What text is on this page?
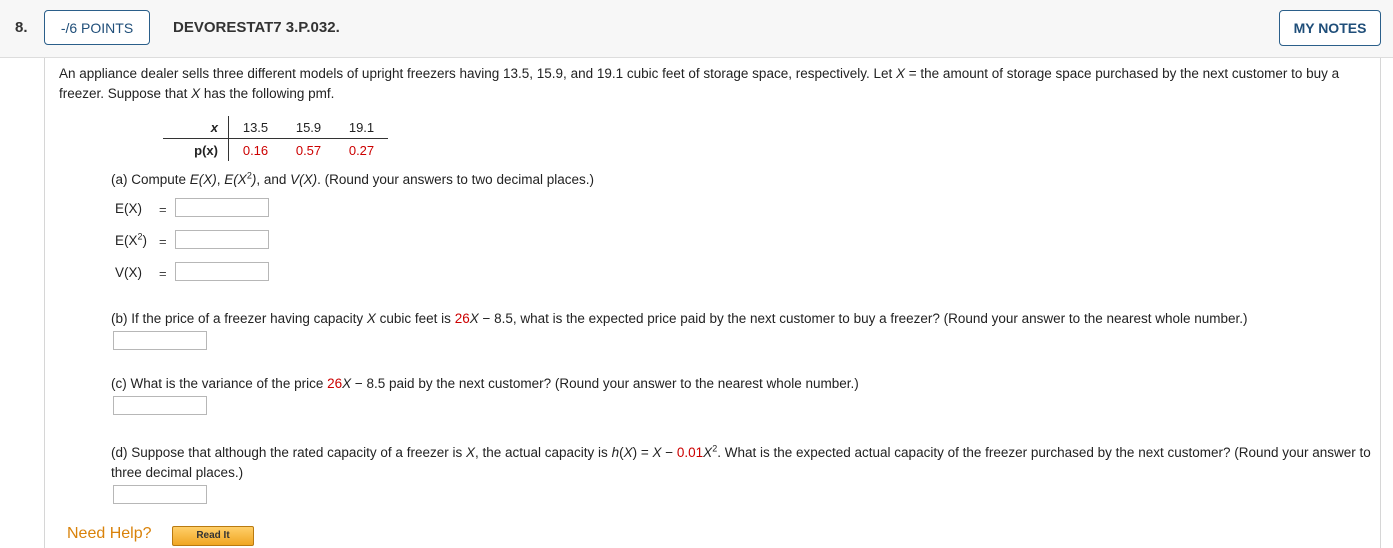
8.	-/6 POINTS	DEVORESTAT7 3.P.032.	MY NOTES
An appliance dealer sells three different models of upright freezers having 13.5, 15.9, and 19.1 cubic feet of storage space, respectively. Let X = the amount of storage space purchased by the next customer to buy a freezer. Suppose that X has the following pmf.
x	13.5	15.9	19.1
p(x)	0.16	0.57	0.27
(a) Compute E(X), $E(X^2)$, and V(X). (Round your answers to two decimal places.)
E(X) =
$E(X^2)$ =
V(X) =
(b) If the price of a freezer having capacity X cubic feet is 26X − 8.5, what is the expected price paid by the next customer to buy a freezer? (Round your answer to the nearest whole number.)
(c) What is the variance of the price 26X − 8.5 paid by the next customer? (Round your answer to the nearest whole number.)
(d) Suppose that although the rated capacity of a freezer is X, the actual capacity is $h(X) = X - 0.01X^2$. What is the expected actual capacity of the freezer purchased by the next customer? (Round your answer to three decimal places.)
Need Help?	Read It
